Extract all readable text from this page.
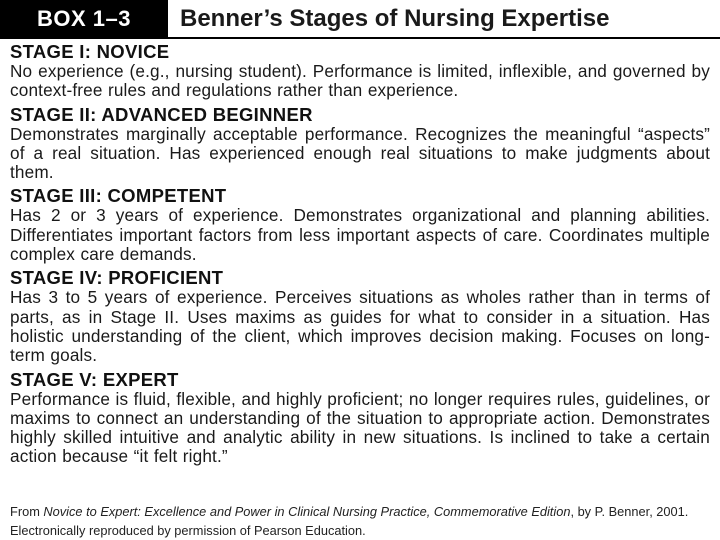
BOX 1–3	Benner’s Stages of Nursing Expertise
STAGE I: NOVICE
No experience (e.g., nursing student). Performance is limited, inflexible, and governed by context-free rules and regulations rather than experience.
STAGE II: ADVANCED BEGINNER
Demonstrates marginally acceptable performance. Recognizes the meaningful “aspects” of a real situation. Has experienced enough real situations to make judgments about them.
STAGE III: COMPETENT
Has 2 or 3 years of experience. Demonstrates organizational and planning abilities. Differentiates important factors from less important aspects of care. Coordinates multiple complex care demands.
STAGE IV: PROFICIENT
Has 3 to 5 years of experience. Perceives situations as wholes rather than in terms of parts, as in Stage II. Uses maxims as guides for what to consider in a situation. Has holistic understanding of the client, which improves decision making. Focuses on long-term goals.
STAGE V: EXPERT
Performance is fluid, flexible, and highly proficient; no longer requires rules, guidelines, or maxims to connect an understanding of the situation to appropriate action. Demonstrates highly skilled intuitive and analytic ability in new situations. Is inclined to take a certain action because “it felt right.”
From Novice to Expert: Excellence and Power in Clinical Nursing Practice, Commemorative Edition, by P. Benner, 2001. Electronically reproduced by permission of Pearson Education.
